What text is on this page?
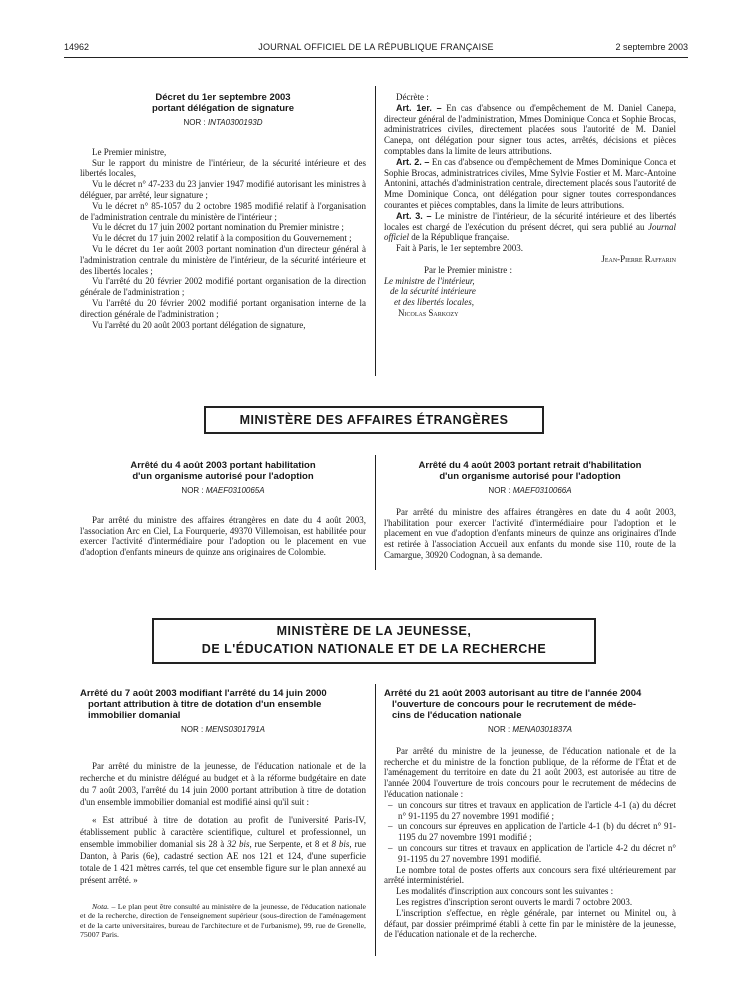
14962	JOURNAL OFFICIEL DE LA RÉPUBLIQUE FRANÇAISE	2 septembre 2003
Décret du 1er septembre 2003
portant délégation de signature
NOR : INTA0300193D

Le Premier ministre,

Sur le rapport du ministre de l'intérieur, de la sécurité intérieure et des libertés locales,

Vu le décret n° 47-233 du 23 janvier 1947 modifié autorisant les ministres à déléguer, par arrêté, leur signature ;

Vu le décret n° 85-1057 du 2 octobre 1985 modifié relatif à l'organisation de l'administration centrale du ministère de l'intérieur ;

Vu le décret du 17 juin 2002 portant nomination du Premier ministre ;

Vu le décret du 17 juin 2002 relatif à la composition du Gouvernement ;

Vu le décret du 1er août 2003 portant nomination d'un directeur général à l'administration centrale du ministère de l'intérieur, de la sécurité intérieure et des libertés locales ;

Vu l'arrêté du 20 février 2002 modifié portant organisation de la direction générale de l'administration ;

Vu l'arrêté du 20 février 2002 modifié portant organisation interne de la direction générale de l'administration ;

Vu l'arrêté du 20 août 2003 portant délégation de signature,

Décrète :

Art. 1er. – En cas d'absence ou d'empêchement de M. Daniel Canepa, directeur général de l'administration, Mmes Dominique Conca et Sophie Brocas, administratrices civiles, directement placées sous l'autorité de M. Daniel Canepa, ont délégation pour signer tous actes, arrêtés, décisions et pièces comptables dans la limite de leurs attributions.

Art. 2. – En cas d'absence ou d'empêchement de Mmes Dominique Conca et Sophie Brocas, administratrices civiles, Mme Sylvie Fostier et M. Marc-Antoine Antonini, attachés d'administration centrale, directement placés sous l'autorité de Mme Dominique Conca, ont délégation pour signer toutes correspondances courantes et pièces comptables, dans la limite de leurs attributions.

Art. 3. – Le ministre de l'intérieur, de la sécurité intérieure et des libertés locales est chargé de l'exécution du présent décret, qui sera publié au Journal officiel de la République française.

Fait à Paris, le 1er septembre 2003.

Jean-Pierre Raffarin
Par le Premier ministre :
Le ministre de l'intérieur,
de la sécurité intérieure
et des libertés locales,
Nicolas Sarkozy
MINISTÈRE DES AFFAIRES ÉTRANGÈRES
Arrêté du 4 août 2003 portant habilitation
d'un organisme autorisé pour l'adoption
NOR : MAEF0310065A

Par arrêté du ministre des affaires étrangères en date du 4 août 2003, l'association Arc en Ciel, La Fourquerie, 49370 Villemoisan, est habilitée pour exercer l'activité d'intermédiaire pour l'adoption ou le placement en vue d'adoption d'enfants mineurs de quinze ans originaires de Colombie.

Arrêté du 4 août 2003 portant retrait d'habilitation
d'un organisme autorisé pour l'adoption
NOR : MAEF0310066A

Par arrêté du ministre des affaires étrangères en date du 4 août 2003, l'habilitation pour exercer l'activité d'intermédiaire pour l'adoption et le placement en vue d'adoption d'enfants mineurs de quinze ans originaires d'Inde est retirée à l'association Accueil aux enfants du monde sise 110, route de la Camargue, 30920 Codognan, à sa demande.

MINISTÈRE DE LA JEUNESSE,
DE L'ÉDUCATION NATIONALE ET DE LA RECHERCHE
Arrêté du 7 août 2003 modifiant l'arrêté du 14 juin 2000
portant attribution à titre de dotation d'un ensemble
immobilier domanial
NOR : MENS0301791A

Par arrêté du ministre de la jeunesse, de l'éducation nationale et de la recherche et du ministre délégué au budget et à la réforme budgétaire en date du 7 août 2003, l'arrêté du 14 juin 2000 portant attribution à titre de dotation d'un ensemble immobilier domanial est modifié ainsi qu'il suit :

« Est attribué à titre de dotation au profit de l'université Paris-IV, établissement public à caractère scientifique, culturel et professionnel, un ensemble immobilier domanial sis 28 à 32 bis, rue Serpente, et 8 et 8 bis, rue Danton, à Paris (6e), cadastré section AE nos 121 et 124, d'une superficie totale de 1 421 mètres carrés, tel que cet ensemble figure sur le plan annexé au présent arrêté. »

Nota. – Le plan peut être consulté au ministère de la jeunesse, de l'éducation nationale et de la recherche, direction de l'enseignement supérieur (sous-direction de l'aménagement et de la carte universitaires, bureau de l'architecture et de l'urbanisme), 99, rue de Grenelle, 75007 Paris.

Arrêté du 21 août 2003 autorisant au titre de l'année 2004
l'ouverture de concours pour le recrutement de méde-
cins de l'éducation nationale
NOR : MENA0301837A

Par arrêté du ministre de la jeunesse, de l'éducation nationale et de la recherche et du ministre de la fonction publique, de la réforme de l'État et de l'aménagement du territoire en date du 21 août 2003, est autorisée au titre de l'année 2004 l'ouverture de trois concours pour le recrutement de médecins de l'éducation nationale :

– un concours sur titres et travaux en application de l'article 4-1 (a) du décret n° 91-1195 du 27 novembre 1991 modifié ;
– un concours sur épreuves en application de l'article 4-1 (b) du décret n° 91-1195 du 27 novembre 1991 modifié ;
– un concours sur titres et travaux en application de l'article 4-2 du décret n° 91-1195 du 27 novembre 1991 modifié.

Le nombre total de postes offerts aux concours sera fixé ultérieurement par arrêté interministériel.

Les modalités d'inscription aux concours sont les suivantes :

Les registres d'inscription seront ouverts le mardi 7 octobre 2003.

L'inscription s'effectue, en règle générale, par internet ou Minitel ou, à défaut, par dossier préimprimé établi à cette fin par le ministère de la jeunesse, de l'éducation nationale et de la recherche.
